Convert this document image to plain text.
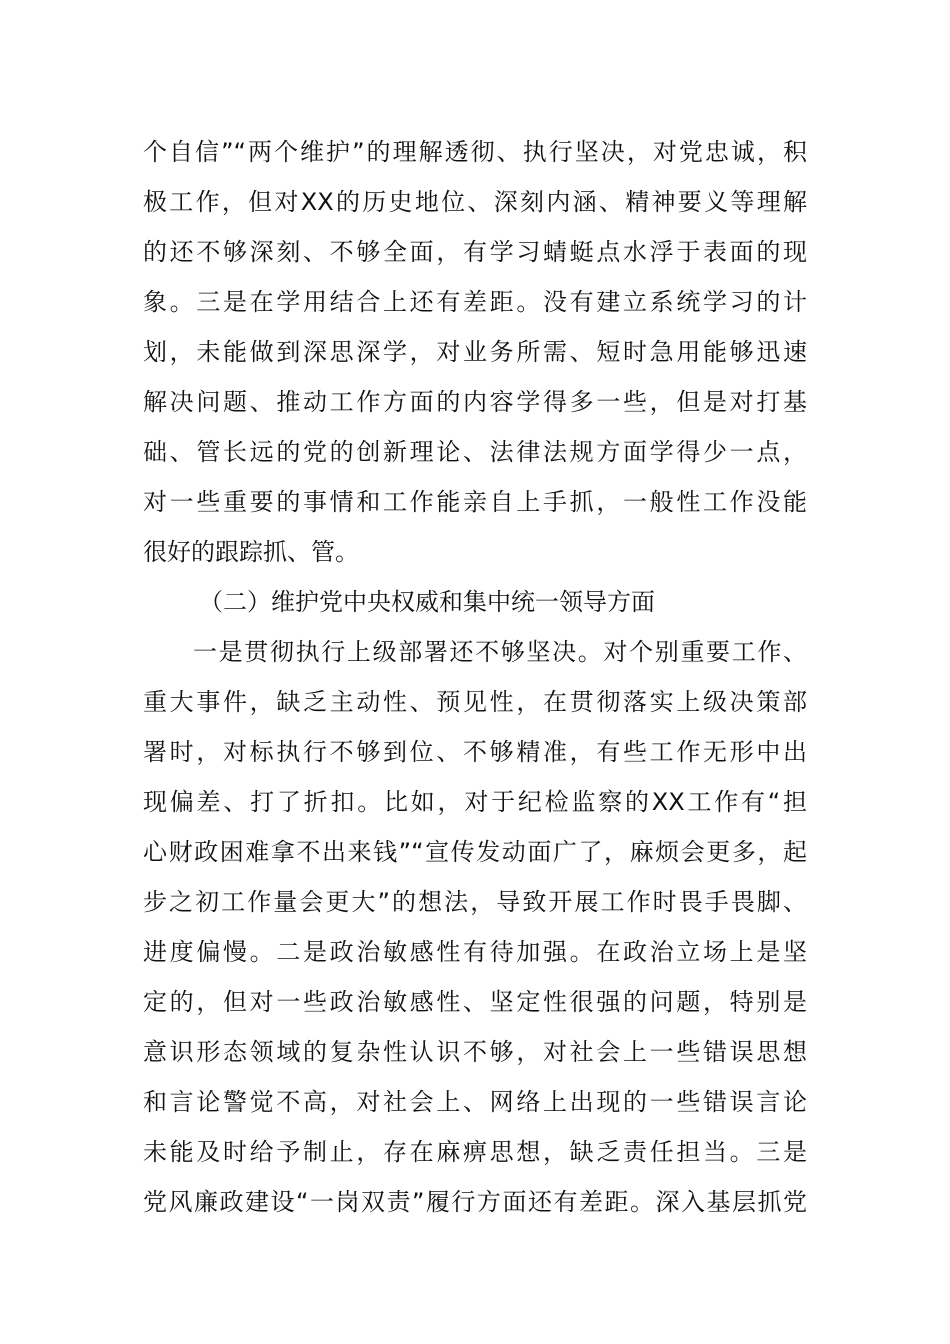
个自信”“两个维护”的理解透彻、执行坚决，对党忠诚，积
极工作，但对XX的历史地位、深刻内涵、精神要义等理解
的还不够深刻、不够全面，有学习蜻蜓点水浮于表面的现
象。三是在学用结合上还有差距。没有建立系统学习的计
划，未能做到深思深学，对业务所需、短时急用能够迅速
解决问题、推动工作方面的内容学得多一些，但是对打基
础、管长远的党的创新理论、法律法规方面学得少一点，
对一些重要的事情和工作能亲自上手抓，一般性工作没能
很好的跟踪抓、管。
（二）维护党中央权威和集中统一领导方面
一是贯彻执行上级部署还不够坚决。对个别重要工作、
重大事件，缺乏主动性、预见性，在贯彻落实上级决策部
署时，对标执行不够到位、不够精准，有些工作无形中出
现偏差、打了折扣。比如，对于纪检监察的XX工作有“担
心财政困难拿不出来钱”“宣传发动面广了，麻烦会更多，起
步之初工作量会更大”的想法，导致开展工作时畏手畏脚、
进度偏慢。二是政治敏感性有待加强。在政治立场上是坚
定的，但对一些政治敏感性、坚定性很强的问题，特别是
意识形态领域的复杂性认识不够，对社会上一些错误思想
和言论警觉不高，对社会上、网络上出现的一些错误言论
未能及时给予制止，存在麻痹思想，缺乏责任担当。三是
党风廉政建设“一岗双责”履行方面还有差距。深入基层抓党
